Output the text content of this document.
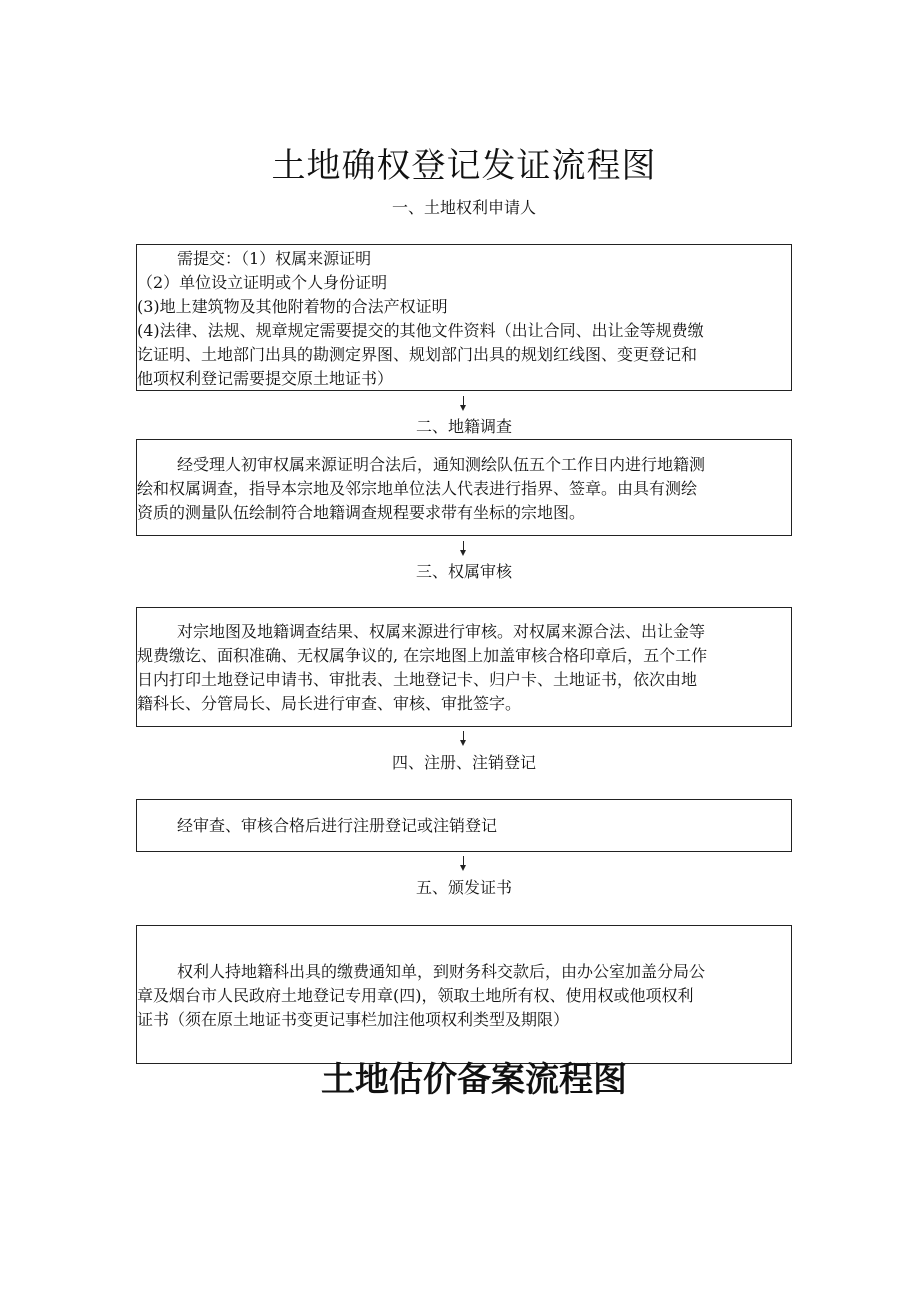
土地确权登记发证流程图

一、土地权利申请人

需提交：（1）权属来源证明

（2）单位设立证明或个人身份证明

(3)地上建筑物及其他附着物的合法产权证明

(4)法律、法规、规章规定需要提交的其他文件资料（出让合同、出让金等规费缴

讫证明、土地部门出具的勘测定界图、规划部门出具的规划红线图、变更登记和

他项权利登记需要提交原土地证书）

二、地籍调查

经受理人初审权属来源证明合法后，通知测绘队伍五个工作日内进行地籍测

绘和权属调查，指导本宗地及邻宗地单位法人代表进行指界、签章。由具有测绘

资质的测量队伍绘制符合地籍调查规程要求带有坐标的宗地图。

三、权属审核

对宗地图及地籍调查结果、权属来源进行审核。对权属来源合法、出让金等

规费缴讫、面积准确、无权属争议的, 在宗地图上加盖审核合格印章后，五个工作

日内打印土地登记申请书、审批表、土地登记卡、归户卡、土地证书，依次由地

籍科长、分管局长、局长进行审查、审核、审批签字。

四、注册、注销登记

经审查、审核合格后进行注册登记或注销登记

五、颁发证书

权利人持地籍科出具的缴费通知单，到财务科交款后，由办公室加盖分局公

章及烟台市人民政府土地登记专用章(四)，领取土地所有权、使用权或他项权利

证书（须在原土地证书变更记事栏加注他项权利类型及期限）

土地估价备案流程图
